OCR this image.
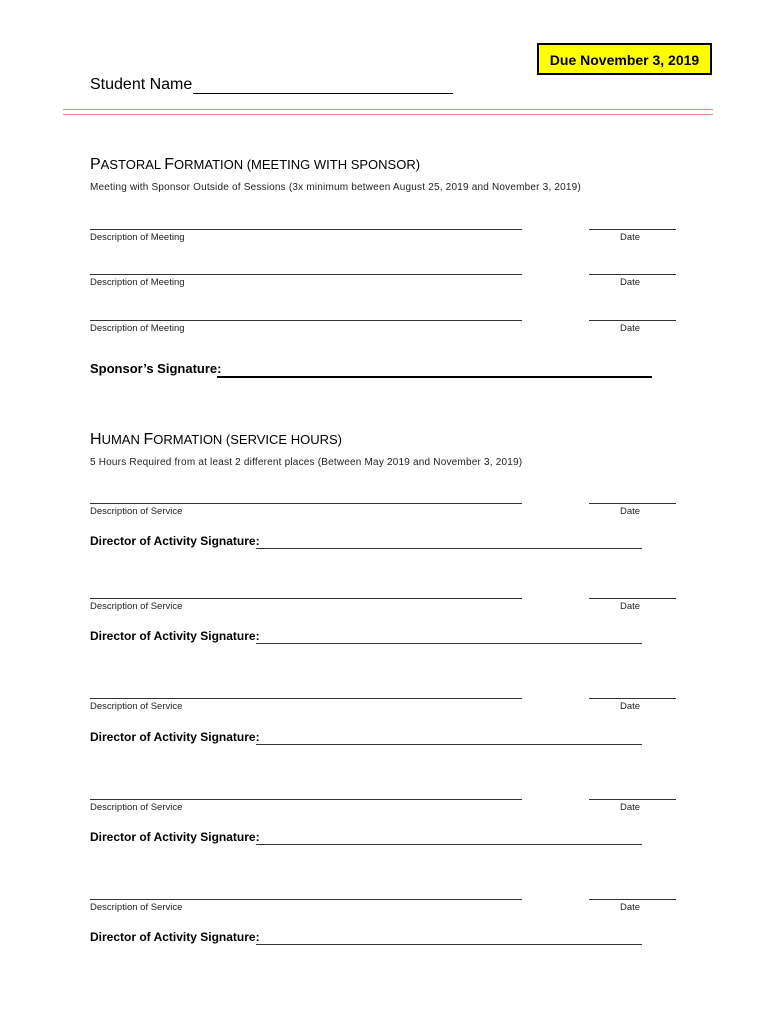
Due November 3, 2019
Student Name
PASTORAL FORMATION (MEETING WITH SPONSOR)
Meeting with Sponsor Outside of Sessions (3x minimum between August 25, 2019 and November 3, 2019)
Description of Meeting	Date
Description of Meeting	Date
Description of Meeting	Date
Sponsor’s Signature:
HUMAN FORMATION (SERVICE HOURS)
5 Hours Required from at least 2 different places (Between May 2019 and November 3, 2019)
Description of Service	Date
Director of Activity Signature:
Description of Service	Date
Director of Activity Signature:
Description of Service	Date
Director of Activity Signature:
Description of Service	Date
Director of Activity Signature:
Description of Service	Date
Director of Activity Signature:
